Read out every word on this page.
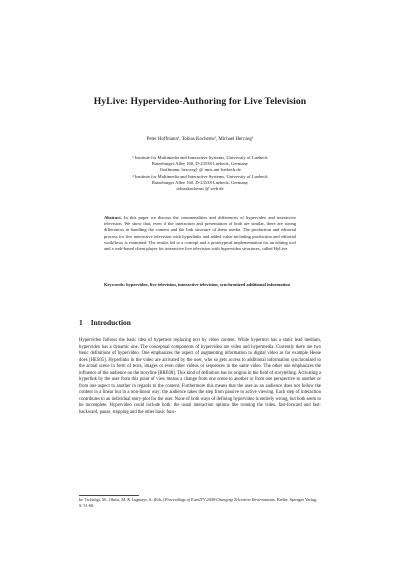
HyLive: Hypervideo-Authoring for Live Television
Peter Hoffmann¹, Tobias Kochems², Michael Herczeg¹
¹ Institute for Multimedia and Interactive Systems, University of Luebeck
Ratzeburger Allee 160, D-23538 Luebeck, Germany
{hoffmann, herczeg} @ imis.uni-luebeck.de
² Institute for Multimedia and Interactive Systems, University of Luebeck
Ratzeburger Allee 160, D-23538 Luebeck, Germany
tobiaskochems @ web.de
Abstract. In this paper we discuss the commonalities and differences of hypervideo and interactive television. We show that, even if the interaction and presentation of both are similar, there are strong differences in handling the content and the link structure of these media. The production and editorial process for live interactive television with hyperlinks and added value including production and editorial workflows is examined. The results led to a concept and a prototypical implementation for an editing tool and a web-based client player for interactive live television with hypervideo structures, called HyLive.
Keywords: hypervideo, live television, interactive television, synchronized additional information
1 Introduction
Hypervideo follows the basic idea of hypertext replacing text by video content. While hypertext has a static lead medium, hypervideo has a dynamic one. The conceptual components of hypervideo are video and hypermedia. Currently there are two basic definitions of hypervideo. One emphasizes the aspect of augmenting information to digital video as for example Hesse does [HES05]. Hyperlinks in the video are activated by the user, who so gets access to additional information synchronized to the actual scene in form of texts, images or even other videos or sequences in the same video. The other one emphasizes the influence of the audience on the storyline [BRE00]. This kind of definition has its origins in the field of storytelling. Activating a hyperlink by the user from this point of view means a change from one scene to another or from one perspective to another or from one aspect to another in regards to the content. Furthermore this means that the user as an audience does not follow the content in a linear but in a non-linear way: the audience takes the step from passive to active viewing. Each step of interaction contributes to an individual story-plot for the user. None of both ways of defining hypervideo is entirely wrong, but both seem to be incomplete. Hypervideo could include both: the usual interaction options like running the video, fast-forward and fast-backward, pause, stopping and the other basic func-
In: Tscheligi, M., Obrist, M. & Lugmayr, A. (Eds.) Proceedings of EuroITV 2008-Changing Television Environments. Berlin: Springer Verlag, S. 51-60.
